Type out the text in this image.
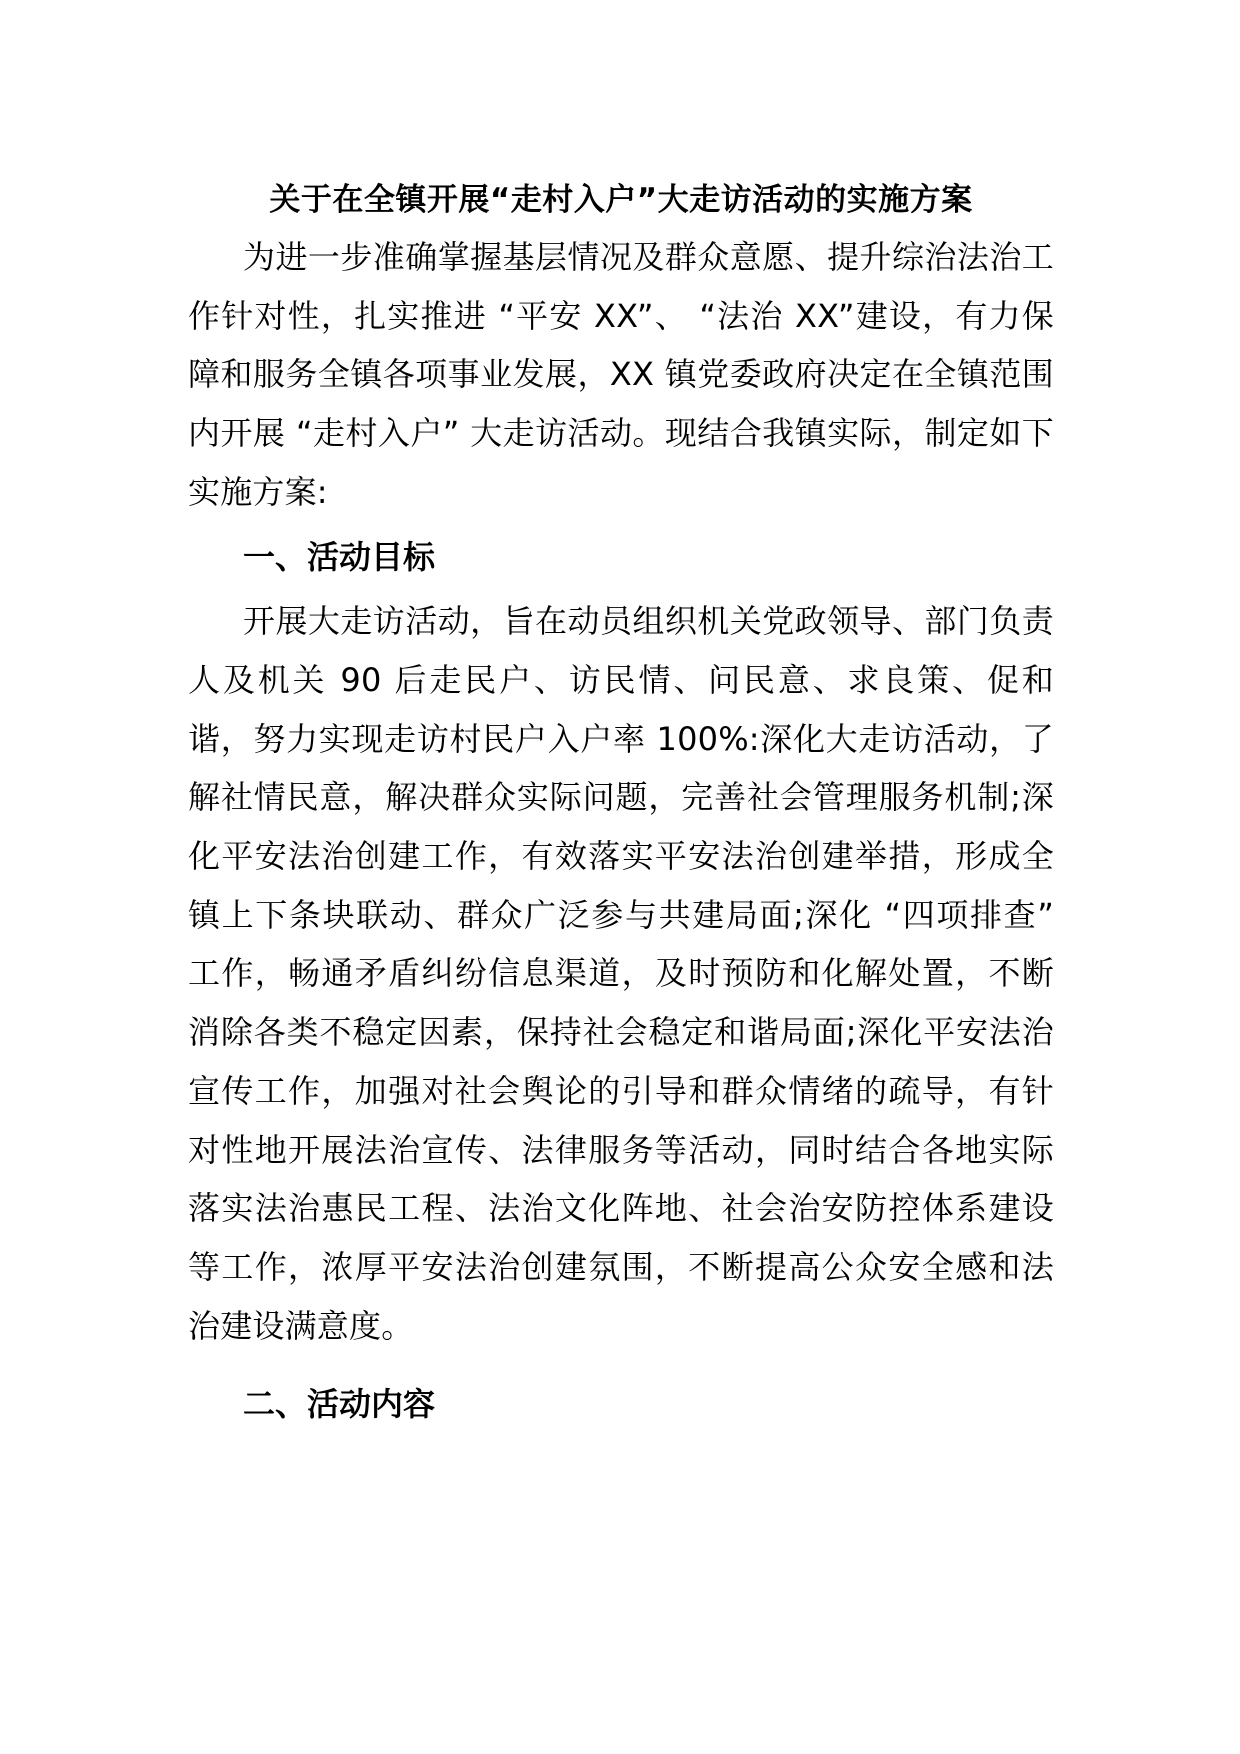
关于在全镇开展“走村入户”大走访活动的实施方案

为进一步准确掌握基层情况及群众意愿、提升综治法治工作针对性，扎实推进 “平安 XX”、 “法治 XX”建设，有力保障和服务全镇各项事业发展，XX 镇党委政府决定在全镇范围内开展 “走村入户” 大走访活动。现结合我镇实际，制定如下实施方案:

一、活动目标

开展大走访活动，旨在动员组织机关党政领导、部门负责人及机关 90 后走民户、访民情、问民意、求良策、促和谐，努力实现走访村民户入户率 100%:深化大走访活动，了解社情民意，解决群众实际问题，完善社会管理服务机制;深化平安法治创建工作，有效落实平安法治创建举措，形成全镇上下条块联动、群众广泛参与共建局面;深化 “四项排查” 工作，畅通矛盾纠纷信息渠道，及时预防和化解处置，不断消除各类不稳定因素，保持社会稳定和谐局面;深化平安法治宣传工作，加强对社会舆论的引导和群众情绪的疏导，有针对性地开展法治宣传、法律服务等活动，同时结合各地实际落实法治惠民工程、法治文化阵地、社会治安防控体系建设等工作，浓厚平安法治创建氛围，不断提高公众安全感和法治建设满意度。

二、活动内容
